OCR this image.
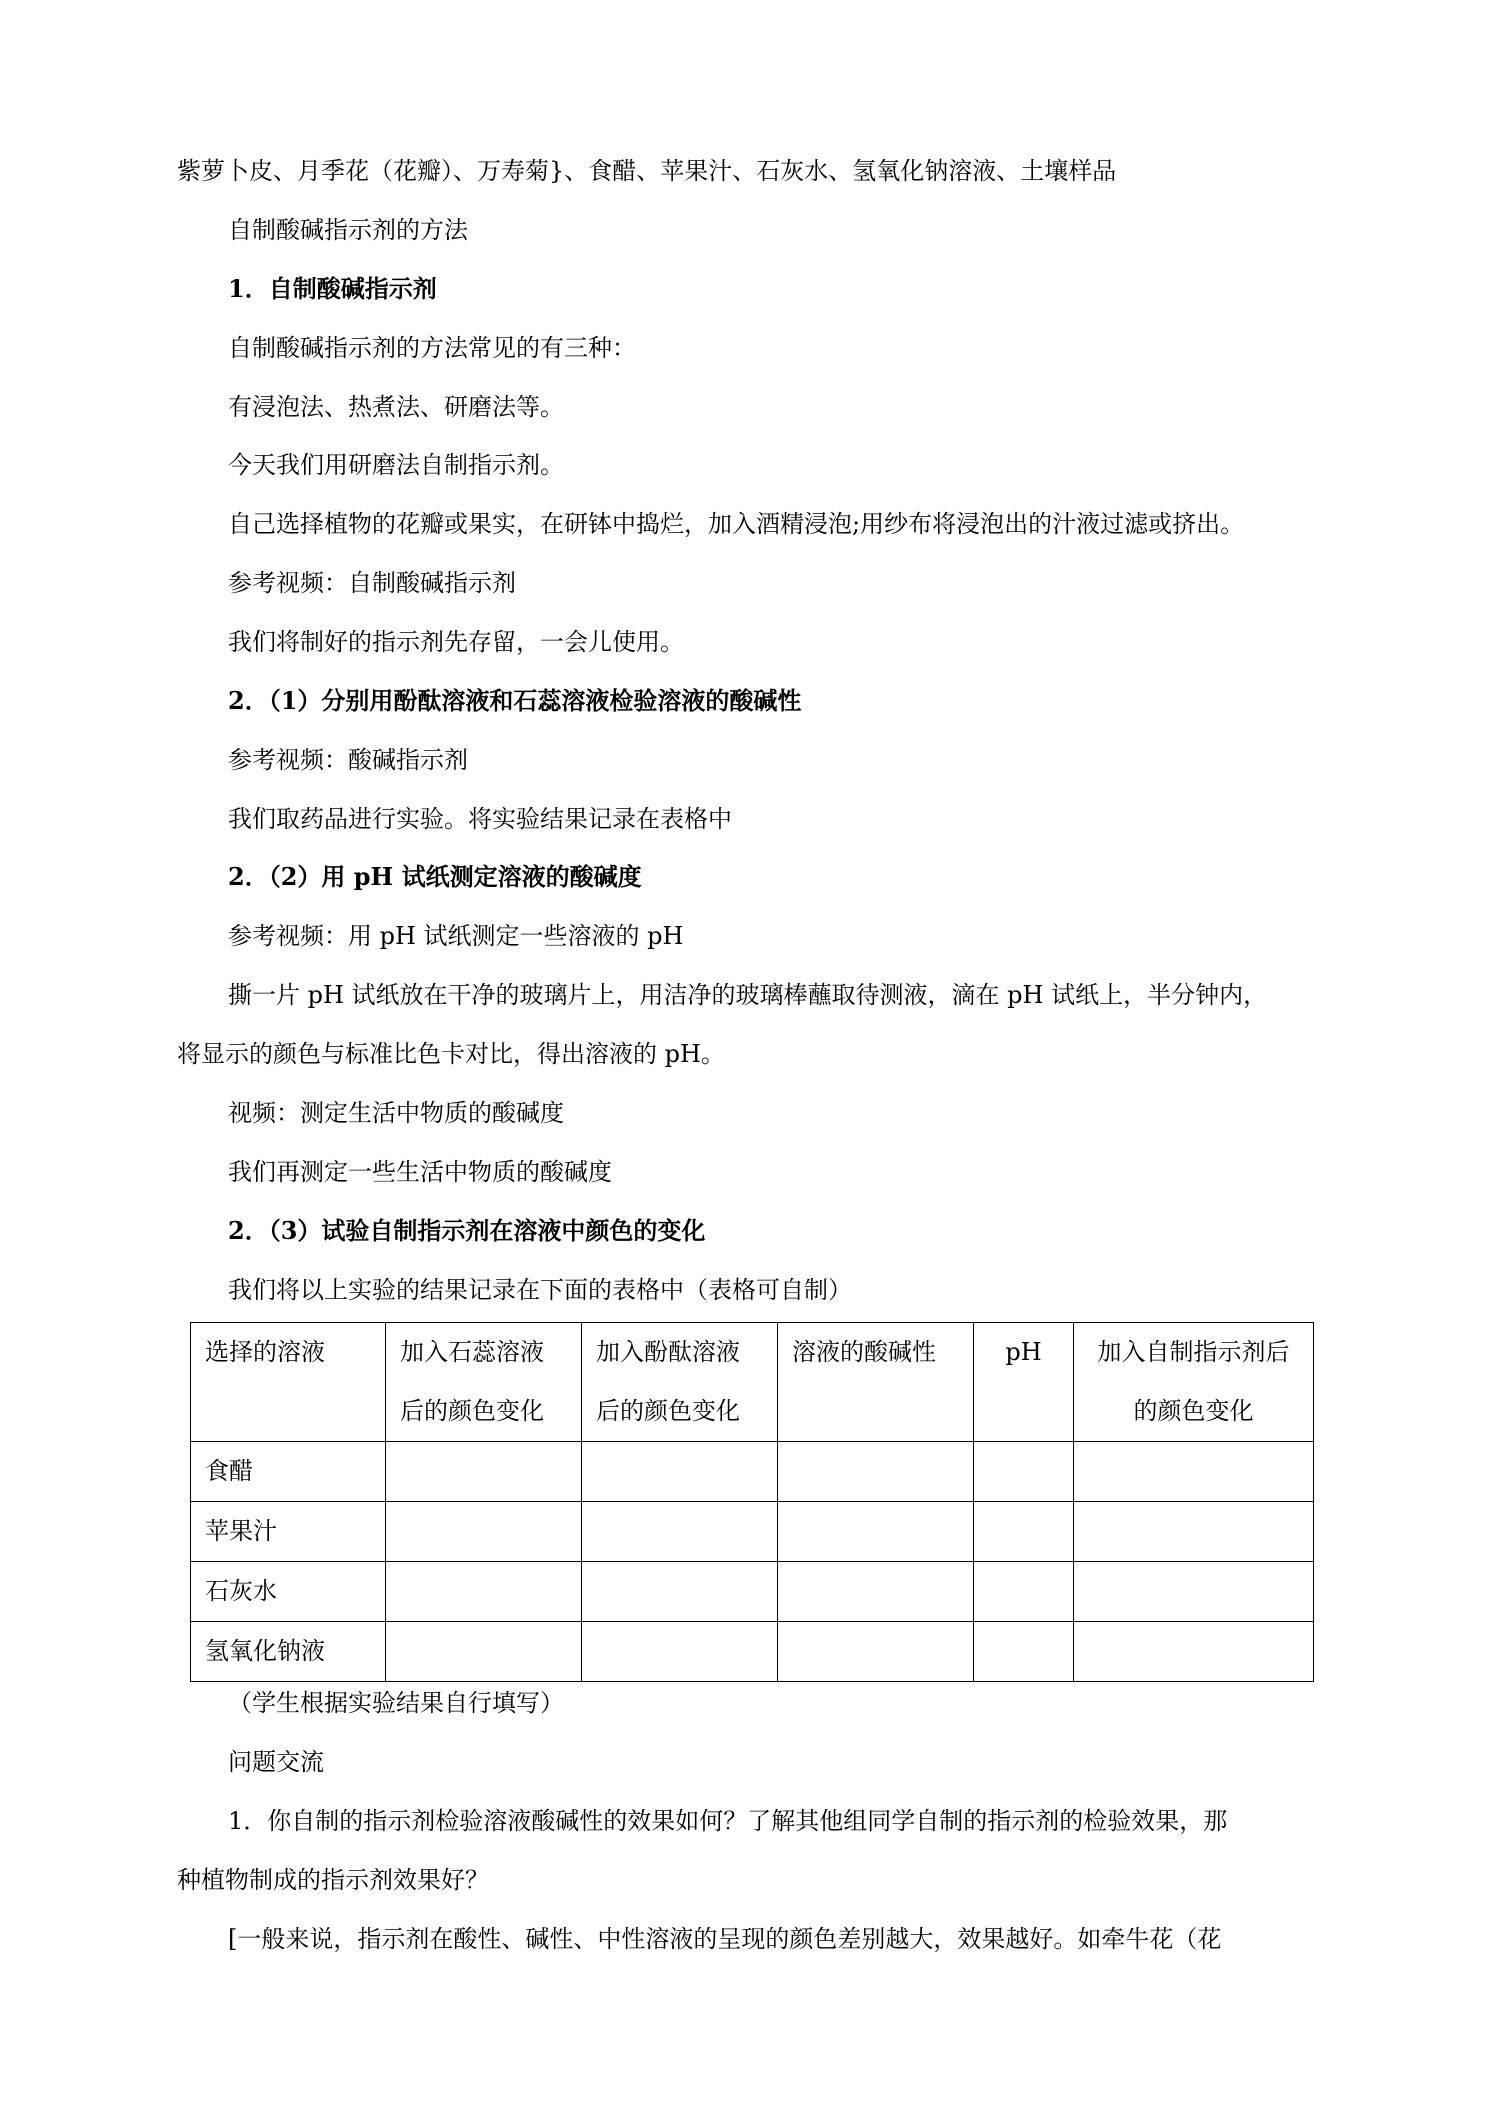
紫萝卜皮、月季花（花瓣）、万寿菊}、食醋、苹果汁、石灰水、氢氧化钠溶液、土壤样品
自制酸碱指示剂的方法
1．自制酸碱指示剂
自制酸碱指示剂的方法常见的有三种：
有浸泡法、热煮法、研磨法等。
今天我们用研磨法自制指示剂。
自己选择植物的花瓣或果实，在研钵中捣烂，加入酒精浸泡;用纱布将浸泡出的汁液过滤或挤出。
参考视频：自制酸碱指示剂
我们将制好的指示剂先存留，一会儿使用。
2．（1）分别用酚酞溶液和石蕊溶液检验溶液的酸碱性
参考视频：酸碱指示剂
我们取药品进行实验。将实验结果记录在表格中
2．（2）用 pH 试纸测定溶液的酸碱度
参考视频：用 pH 试纸测定一些溶液的 pH
撕一片 pH 试纸放在干净的玻璃片上，用洁净的玻璃棒蘸取待测液，滴在 pH 试纸上，半分钟内，
将显示的颜色与标准比色卡对比，得出溶液的 pH。
视频：测定生活中物质的酸碱度
我们再测定一些生活中物质的酸碱度
2．（3）试验自制指示剂在溶液中颜色的变化
我们将以上实验的结果记录在下面的表格中（表格可自制）
选择的溶液	加入石蕊溶液后的颜色变化	加入酚酞溶液后的颜色变化	溶液的酸碱性	pH	加入自制指示剂后的颜色变化
食醋					
苹果汁					
石灰水					
氢氧化钠液					
（学生根据实验结果自行填写）
问题交流
1．你自制的指示剂检验溶液酸碱性的效果如何？了解其他组同学自制的指示剂的检验效果，那
种植物制成的指示剂效果好？
[一般来说，指示剂在酸性、碱性、中性溶液的呈现的颜色差别越大，效果越好。如牵牛花（花
